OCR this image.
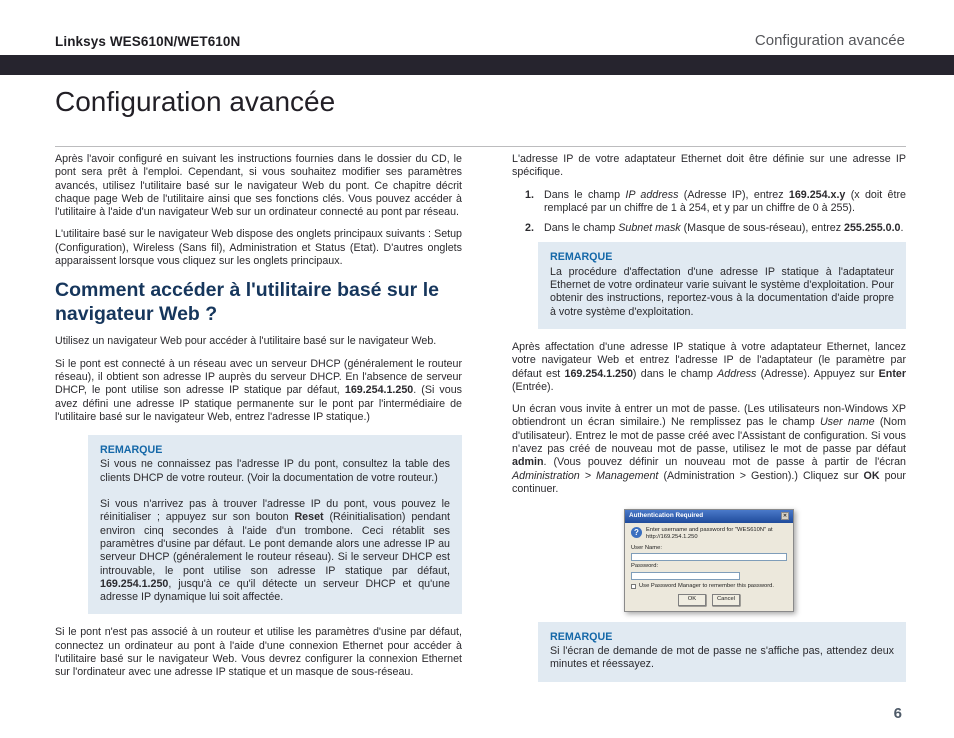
Linksys WES610N/WET610N	Configuration avancée
Configuration avancée

Après l'avoir configuré en suivant les instructions fournies dans le dossier du CD, le pont sera prêt à l'emploi. Cependant, si vous souhaitez modifier ses paramètres avancés, utilisez l'utilitaire basé sur le navigateur Web du pont. Ce chapitre décrit chaque page Web de l'utilitaire ainsi que ses fonctions clés. Vous pouvez accéder à l'utilitaire à l'aide d'un navigateur Web sur un ordinateur connecté au pont par réseau.

L'utilitaire basé sur le navigateur Web dispose des onglets principaux suivants : Setup (Configuration), Wireless (Sans fil), Administration et Status (Etat). D'autres onglets apparaissent lorsque vous cliquez sur les onglets principaux.

Comment accéder à l'utilitaire basé sur le navigateur Web ?

Utilisez un navigateur Web pour accéder à l'utilitaire basé sur le navigateur Web.

Si le pont est connecté à un réseau avec un serveur DHCP (généralement le routeur réseau), il obtient son adresse IP auprès du serveur DHCP. En l'absence de serveur DHCP, le pont utilise son adresse IP statique par défaut, 169.254.1.250. (Si vous avez défini une adresse IP statique permanente sur le pont par l'intermédiaire de l'utilitaire basé sur le navigateur Web, entrez l'adresse IP statique.)

REMARQUE

Si vous ne connaissez pas l'adresse IP du pont, consultez la table des clients DHCP de votre routeur. (Voir la documentation de votre routeur.)

Si vous n'arrivez pas à trouver l'adresse IP du pont, vous pouvez le réinitialiser ; appuyez sur son bouton Reset (Réinitialisation) pendant environ cinq secondes à l'aide d'un trombone. Ceci rétablit ses paramètres d'usine par défaut. Le pont demande alors une adresse IP au serveur DHCP (généralement le routeur réseau). Si le serveur DHCP est introuvable, le pont utilise son adresse IP statique par défaut, 169.254.1.250, jusqu'à ce qu'il détecte un serveur DHCP et qu'une adresse IP dynamique lui soit affectée.

Si le pont n'est pas associé à un routeur et utilise les paramètres d'usine par défaut, connectez un ordinateur au pont à l'aide d'une connexion Ethernet pour accéder à l'utilitaire basé sur le navigateur Web. Vous devrez configurer la connexion Ethernet sur l'ordinateur avec une adresse IP statique et un masque de sous-réseau.

L'adresse IP de votre adaptateur Ethernet doit être définie sur une adresse IP spécifique.

1. Dans le champ IP address (Adresse IP), entrez 169.254.x.y (x doit être remplacé par un chiffre de 1 à 254, et y par un chiffre de 0 à 255).
2. Dans le champ Subnet mask (Masque de sous-réseau), entrez 255.255.0.0.
REMARQUE

La procédure d'affectation d'une adresse IP statique à l'adaptateur Ethernet de votre ordinateur varie suivant le système d'exploitation. Pour obtenir des instructions, reportez-vous à la documentation d'aide propre à votre système d'exploitation.

Après affectation d'une adresse IP statique à votre adaptateur Ethernet, lancez votre navigateur Web et entrez l'adresse IP de l'adaptateur (le paramètre par défaut est 169.254.1.250) dans le champ Address (Adresse). Appuyez sur Enter (Entrée).

Un écran vous invite à entrer un mot de passe. (Les utilisateurs non-Windows XP obtiendront un écran similaire.) Ne remplissez pas le champ User name (Nom d'utilisateur). Entrez le mot de passe créé avec l'Assistant de configuration. Si vous n'avez pas créé de nouveau mot de passe, utilisez le mot de passe par défaut admin. (Vous pouvez définir un nouveau mot de passe à partir de l'écran Administration > Management (Administration > Gestion).) Cliquez sur OK pour continuer.

Authentication Required	✕
?	Enter username and password for "WES610N" at http://169.254.1.250
User Name:
Password:
Use Password Manager to remember this password.
OK	Cancel
REMARQUE

Si l'écran de demande de mot de passe ne s'affiche pas, attendez deux minutes et réessayez.

6
